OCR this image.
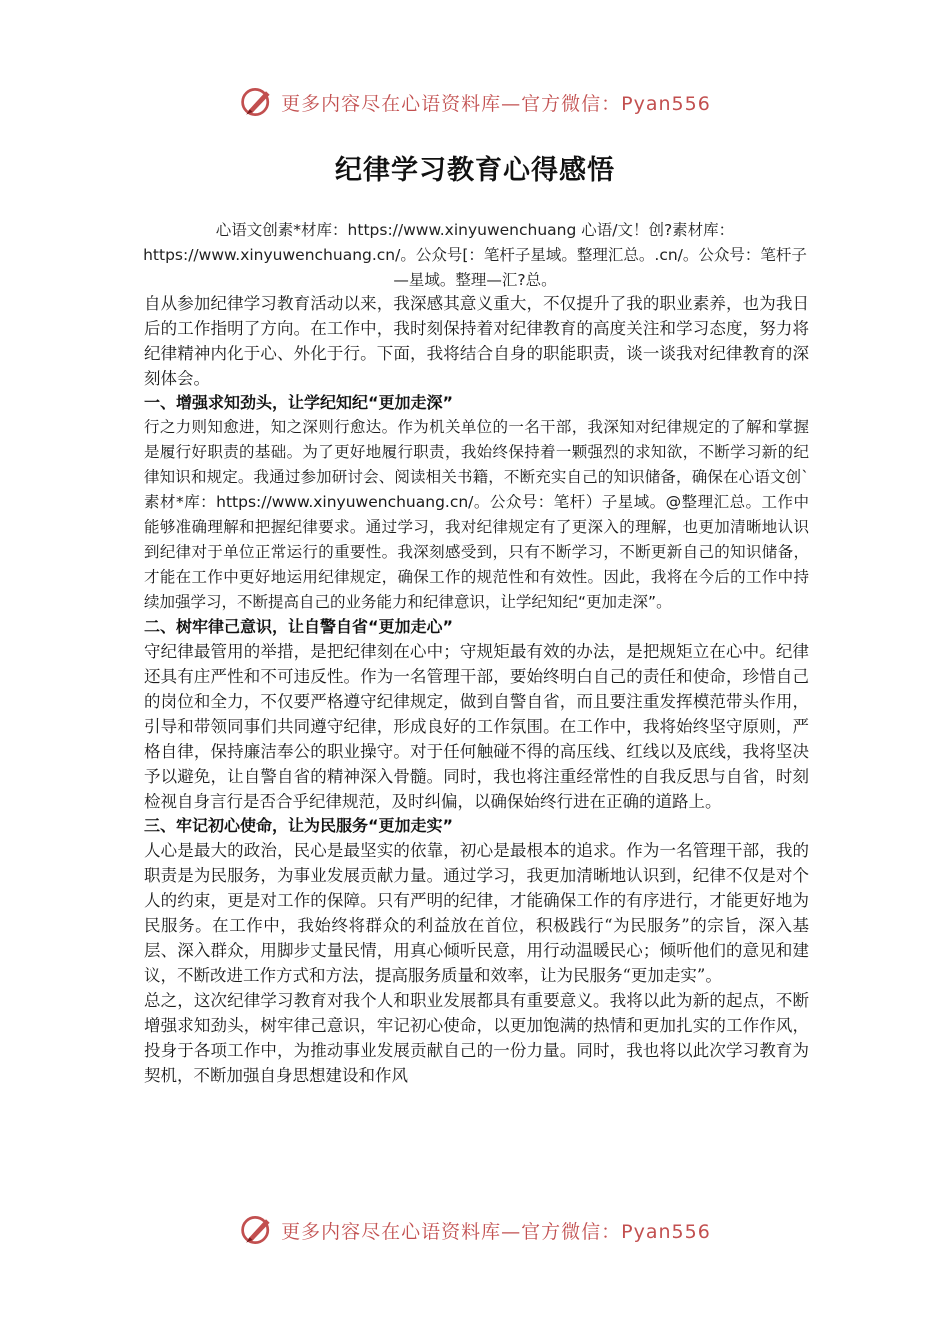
更多内容尽在心语资料库—官方微信：Pyan556
纪律学习教育心得感悟
心语文创素*材库：https://www.xinyuwenchuang 心语/文！创?素材库：https://www.xinyuwenchuang.cn/。公众号[：笔杆子星域。整理汇总。.cn/。公众号：笔杆子—星域。整理—汇?总。

自从参加纪律学习教育活动以来，我深感其意义重大，不仅提升了我的职业素养，也为我日后的工作指明了方向。在工作中，我时刻保持着对纪律教育的高度关注和学习态度，努力将纪律精神内化于心、外化于行。下面，我将结合自身的职能职责，谈一谈我对纪律教育的深刻体会。

一、增强求知劲头，让学纪知纪“更加走深”

行之力则知愈进，知之深则行愈达。作为机关单位的一名干部，我深知对纪律规定的了解和掌握是履行好职责的基础。为了更好地履行职责，我始终保持着一颗强烈的求知欲，不断学习新的纪律知识和规定。我通过参加研讨会、阅读相关书籍，不断充实自己的知识储备，确保在心语文创`素材*库：https://www.xinyuwenchuang.cn/。公众号：笔杆）子星域。@整理汇总。工作中能够准确理解和把握纪律要求。通过学习，我对纪律规定有了更深入的理解，也更加清晰地认识到纪律对于单位正常运行的重要性。我深刻感受到，只有不断学习，不断更新自己的知识储备，才能在工作中更好地运用纪律规定，确保工作的规范性和有效性。因此，我将在今后的工作中持续加强学习，不断提高自己的业务能力和纪律意识，让学纪知纪“更加走深”。

二、树牢律己意识，让自警自省“更加走心”

守纪律最管用的举措，是把纪律刻在心中；守规矩最有效的办法，是把规矩立在心中。纪律还具有庄严性和不可违反性。作为一名管理干部，要始终明白自己的责任和使命，珍惜自己的岗位和全力，不仅要严格遵守纪律规定，做到自警自省，而且要注重发挥模范带头作用，引导和带领同事们共同遵守纪律，形成良好的工作氛围。在工作中，我将始终坚守原则，严格自律，保持廉洁奉公的职业操守。对于任何触碰不得的高压线、红线以及底线，我将坚决予以避免，让自警自省的精神深入骨髓。同时，我也将注重经常性的自我反思与自省，时刻检视自身言行是否合乎纪律规范，及时纠偏，以确保始终行进在正确的道路上。

三、牢记初心使命，让为民服务“更加走实”

人心是最大的政治，民心是最坚实的依靠，初心是最根本的追求。作为一名管理干部，我的职责是为民服务，为事业发展贡献力量。通过学习，我更加清晰地认识到，纪律不仅是对个人的约束，更是对工作的保障。只有严明的纪律，才能确保工作的有序进行，才能更好地为民服务。在工作中，我始终将群众的利益放在首位，积极践行“为民服务”的宗旨，深入基层、深入群众，用脚步丈量民情，用真心倾听民意，用行动温暖民心；倾听他们的意见和建议，不断改进工作方式和方法，提高服务质量和效率，让为民服务“更加走实”。

总之，这次纪律学习教育对我个人和职业发展都具有重要意义。我将以此为新的起点，不断增强求知劲头，树牢律己意识，牢记初心使命，以更加饱满的热情和更加扎实的工作作风，投身于各项工作中，为推动事业发展贡献自己的一份力量。同时，我也将以此次学习教育为契机，不断加强自身思想建设和作风

更多内容尽在心语资料库—官方微信：Pyan556
